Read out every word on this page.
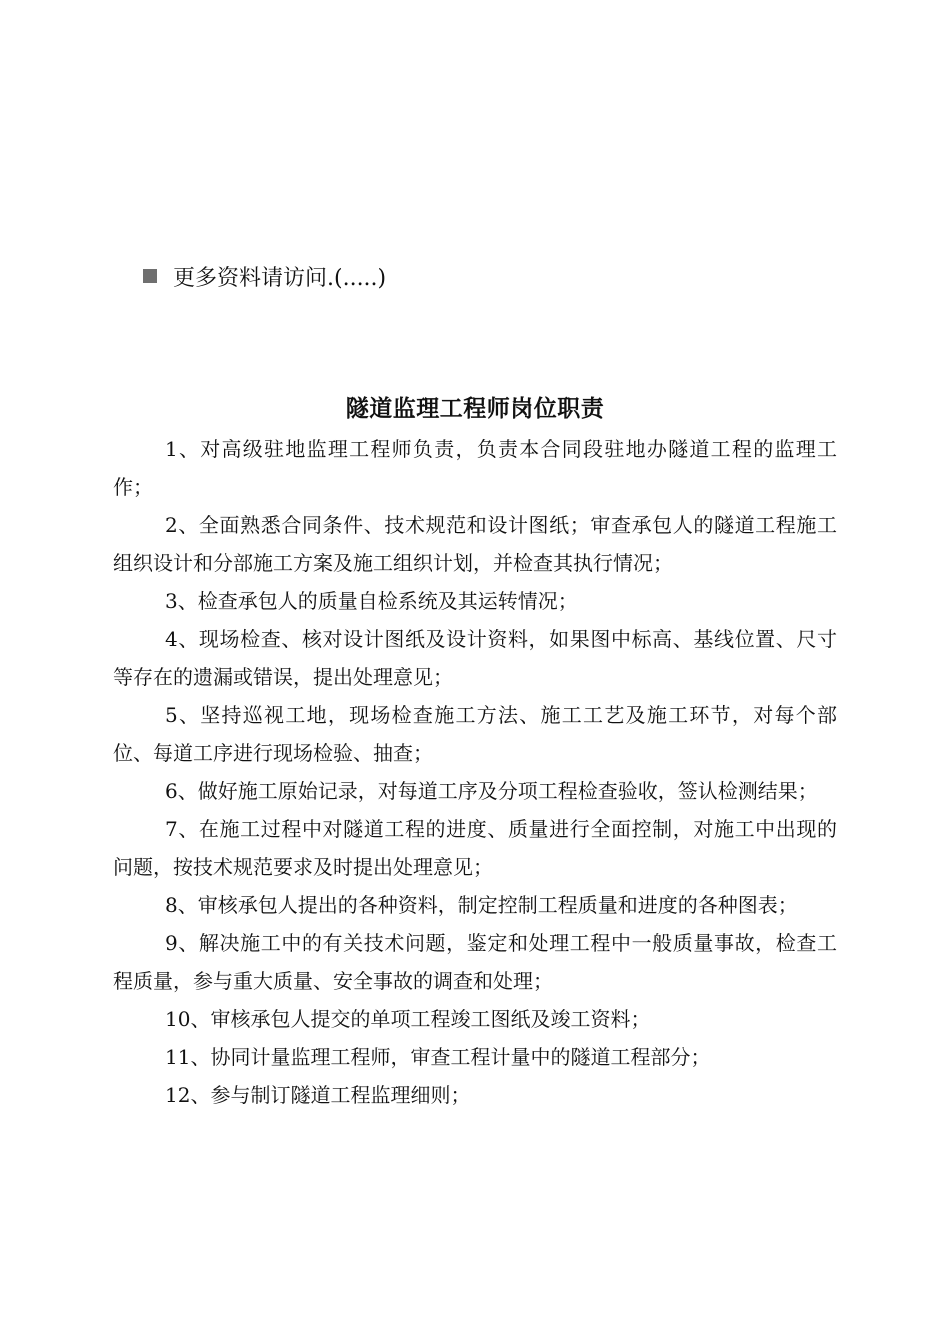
更多资料请访问.(.....)
隧道监理工程师岗位职责

1、对高级驻地监理工程师负责，负责本合同段驻地办隧道工程的监理工作；

2、全面熟悉合同条件、技术规范和设计图纸；审查承包人的隧道工程施工组织设计和分部施工方案及施工组织计划，并检查其执行情况；

3、检查承包人的质量自检系统及其运转情况；

4、现场检查、核对设计图纸及设计资料，如果图中标高、基线位置、尺寸等存在的遗漏或错误，提出处理意见；

5、坚持巡视工地，现场检查施工方法、施工工艺及施工环节，对每个部位、每道工序进行现场检验、抽查；

6、做好施工原始记录，对每道工序及分项工程检查验收，签认检测结果；

7、在施工过程中对隧道工程的进度、质量进行全面控制，对施工中出现的问题，按技术规范要求及时提出处理意见；

8、审核承包人提出的各种资料，制定控制工程质量和进度的各种图表；

9、解决施工中的有关技术问题，鉴定和处理工程中一般质量事故，检查工程质量，参与重大质量、安全事故的调查和处理；

10、审核承包人提交的单项工程竣工图纸及竣工资料；

11、协同计量监理工程师，审查工程计量中的隧道工程部分；

12、参与制订隧道工程监理细则；
